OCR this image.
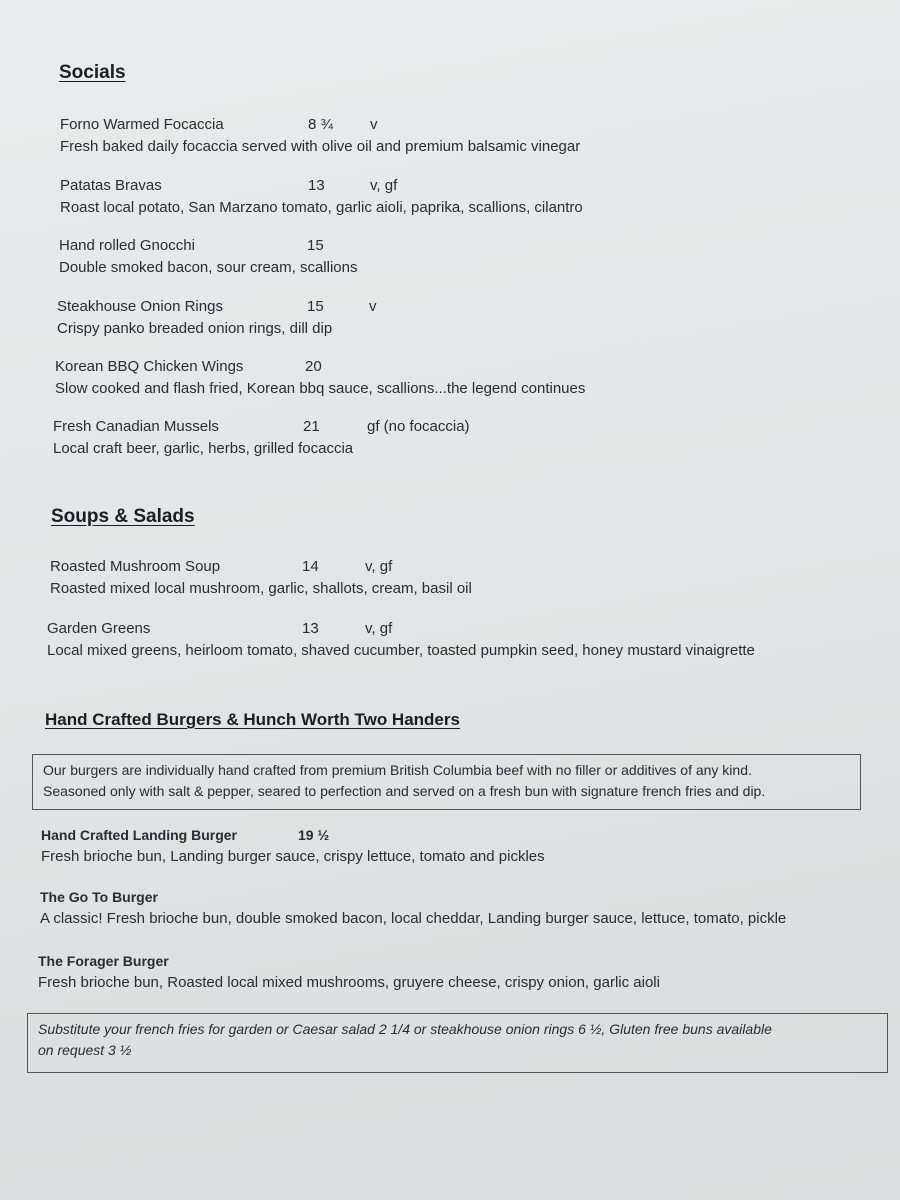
Socials
Forno Warmed Focaccia	8 ¾ v
Fresh baked daily focaccia served with olive oil and premium balsamic vinegar
Patatas Bravas	13	v, gf
Roast local potato, San Marzano tomato, garlic aioli, paprika, scallions, cilantro
Hand rolled Gnocchi	15
Double smoked bacon, sour cream, scallions
Steakhouse Onion Rings	15	v
Crispy panko breaded onion rings, dill dip
Korean BBQ Chicken Wings	20
Slow cooked and flash fried, Korean bbq sauce, scallions...the legend continues
Fresh Canadian Mussels	21	gf (no focaccia)
Local craft beer, garlic, herbs, grilled focaccia
Soups & Salads
Roasted Mushroom Soup	14	v, gf
Roasted mixed local mushroom, garlic, shallots, cream, basil oil
Garden Greens	13	v, gf
Local mixed greens, heirloom tomato, shaved cucumber, toasted pumpkin seed, honey mustard vinaigrette
Hand Crafted Burgers & Hunch Worth Two Handers
Our burgers are individually hand crafted from premium British Columbia beef with no filler or additives of any kind.
Seasoned only with salt & pepper, seared to perfection and served on a fresh bun with signature french fries and dip.
Hand Crafted Landing Burger	19 ½
Fresh brioche bun, Landing burger sauce, crispy lettuce, tomato and pickles
The Go To Burger
A classic! Fresh brioche bun, double smoked bacon, local cheddar, Landing burger sauce, lettuce, tomato, pickle
The Forager Burger
Fresh brioche bun, Roasted local mixed mushrooms, gruyere cheese, crispy onion, garlic aioli
Substitute your french fries for garden or Caesar salad 2 1/4 or steakhouse onion rings 6 ½, Gluten free buns available
on request 3 ½
